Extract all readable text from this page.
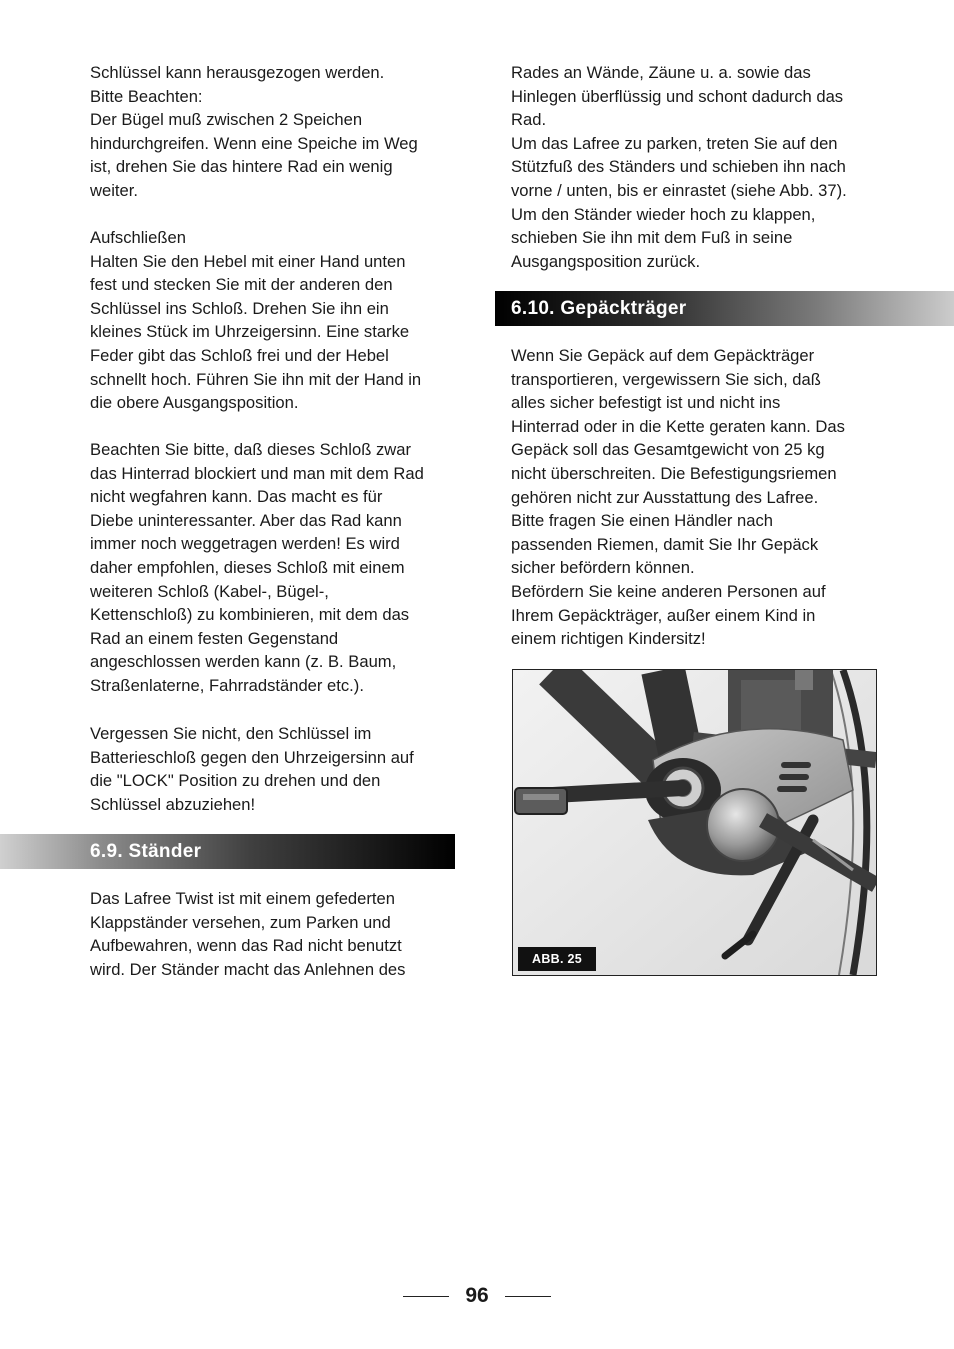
Schlüssel kann herausgezogen werden.
Bitte Beachten:
Der Bügel muß zwischen 2 Speichen
hindurchgreifen. Wenn eine Speiche im Weg
ist, drehen Sie das hintere Rad ein wenig
weiter.

Aufschließen
Halten Sie den Hebel mit einer Hand unten
fest und stecken Sie mit der anderen den
Schlüssel ins Schloß. Drehen Sie ihn ein
kleines Stück im Uhrzeigersinn. Eine starke
Feder gibt das Schloß frei und der Hebel
schnellt hoch. Führen Sie ihn mit der Hand in
die obere Ausgangsposition.

Beachten Sie bitte, daß dieses Schloß zwar
das Hinterrad blockiert und man mit dem Rad
nicht wegfahren kann. Das macht es für
Diebe uninteressanter. Aber das Rad kann
immer noch weggetragen werden! Es wird
daher empfohlen, dieses Schloß mit einem
weiteren Schloß (Kabel-, Bügel-,
Kettenschloß) zu kombinieren, mit dem das
Rad an einem festen Gegenstand
angeschlossen werden kann (z. B. Baum,
Straßenlaterne, Fahrradständer etc.).

Vergessen Sie nicht, den Schlüssel im
Batterieschloß gegen den Uhrzeigersinn auf
die "LOCK" Position zu drehen und den
Schlüssel abzuziehen!

Das Lafree Twist ist mit einem gefederten
Klappständer versehen, zum Parken und
Aufbewahren, wenn das Rad nicht benutzt
wird. Der Ständer macht das Anlehnen des

6.9. Ständer

Rades an Wände, Zäune u. a. sowie das
Hinlegen überflüssig und schont dadurch das
Rad.
Um das Lafree zu parken, treten Sie auf den
Stützfuß des Ständers und schieben ihn nach
vorne / unten, bis er einrastet (siehe Abb. 37).
Um den Ständer wieder hoch zu klappen,
schieben Sie ihn mit dem Fuß in seine
Ausgangsposition zurück.

Wenn Sie Gepäck auf dem Gepäckträger
transportieren, vergewissern Sie sich, daß
alles sicher befestigt ist und nicht ins
Hinterrad oder in die Kette geraten kann. Das
Gepäck soll das Gesamtgewicht von 25 kg
nicht überschreiten. Die Befestigungsriemen
gehören nicht zur Ausstattung des Lafree.
Bitte fragen Sie einen Händler nach
passenden Riemen, damit Sie Ihr Gepäck
sicher befördern können.
Befördern Sie keine anderen Personen auf
Ihrem Gepäckträger, außer einem Kind in
einem richtigen Kindersitz!

6.10. Gepäckträger
ABB. 25
96
